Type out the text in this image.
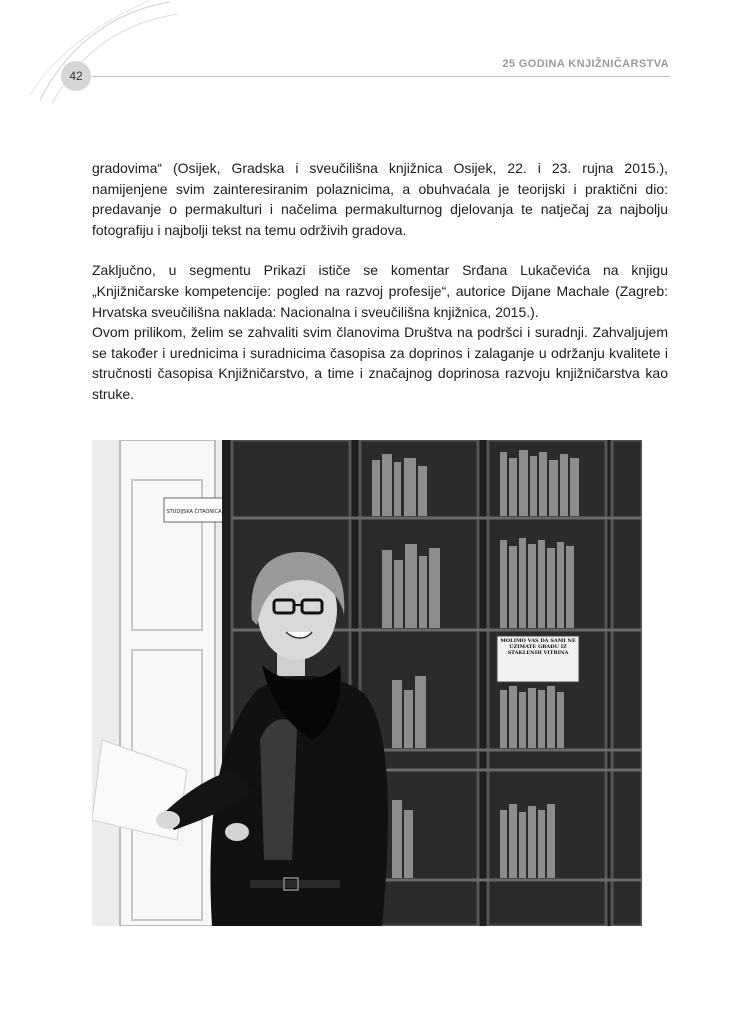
42
25 GODINA KNJIŽNIČARSTVA

gradovima“ (Osijek, Gradska i sveučilišna knjižnica Osijek, 22. i 23. rujna 2015.), namijenjene svim zainteresiranim polaznicima, a obuhvaćala je teorijski i praktični dio: predavanje o permakulturi i načelima permakulturnog djelovanja te natječaj za najbolju fotografiju i najbolji tekst na temu održivih gradova.

Zaključno, u segmentu Prikazi ističe se komentar Srđana Lukačevića na knjigu „Knjižničarske kompetencije: pogled na razvoj profesije“, autorice Dijane Machale (Zagreb: Hrvatska sveučilišna naklada: Nacionalna i sveučilišna knjižnica, 2015.).

Ovom prilikom, želim se zahvaliti svim članovima Društva na podršci i suradnji. Zahvaljujem se također i urednicima i suradnicima časopisa za doprinos i zalaganje u održanju kvalitete i stručnosti časopisa Knjižničarstvo, a time i značajnog doprinosa razvoju knjižničarstva kao struke.

STUDIJSKA ČITAONICA
MOLIMO VAS DA SAMI NE UZIMATE GRAĐU IZ STAKLENIH VITRINA
